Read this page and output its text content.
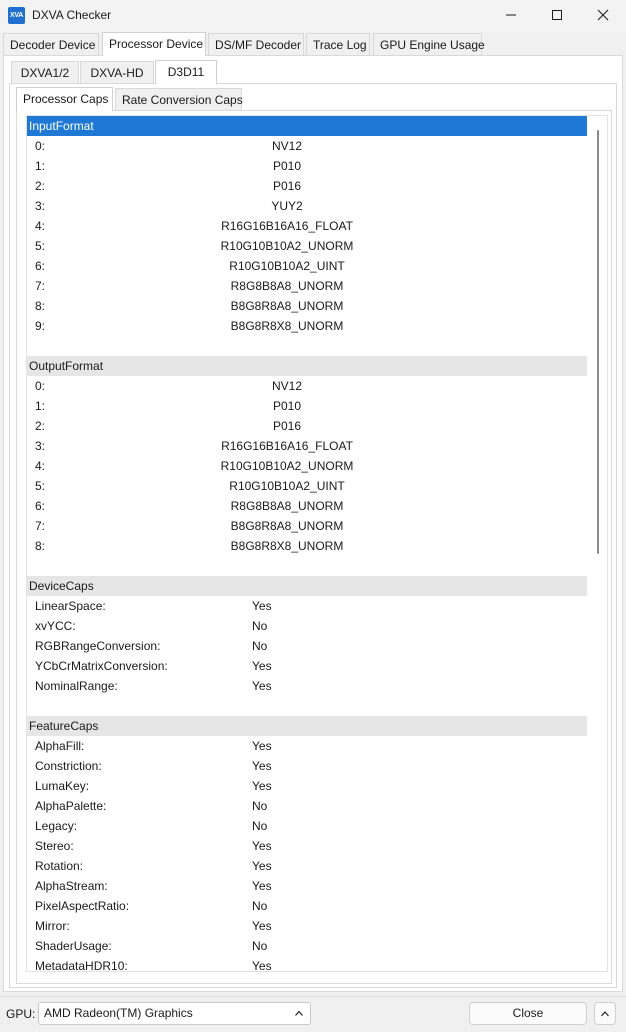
XVA DXVA Checker
Decoder Device	Processor Device DS/MF Decoder Trace Log	GPU Engine Usage
DXVA1/2	DXVA-HD	D3D11
Processor Caps	Rate Conversion Caps
InputFormat
0:	NV12
1:	P010
2:	P016
3:	YUY2
4:	R16G16B16A16_FLOAT
5:	R10G10B10A2_UNORM
6:	R10G10B10A2_UINT
7:	R8G8B8A8_UNORM
8:	B8G8R8A8_UNORM
9:	B8G8R8X8_UNORM
OutputFormat
0:	NV12
1:	P010
2:	P016
3:	R16G16B16A16_FLOAT
4:	R10G10B10A2_UNORM
5:	R10G10B10A2_UINT
6:	R8G8B8A8_UNORM
7:	B8G8R8A8_UNORM
8:	B8G8R8X8_UNORM
DeviceCaps
LinearSpace:	Yes
xvYCC:	No
RGBRangeConversion:	No
YCbCrMatrixConversion:	Yes
NominalRange:	Yes
FeatureCaps
AlphaFill:	Yes
Constriction:	Yes
LumaKey:	Yes
AlphaPalette:	No
Legacy:	No
Stereo:	Yes
Rotation:	Yes
AlphaStream:	Yes
PixelAspectRatio:	No
Mirror:	Yes
ShaderUsage:	No
MetadataHDR10:	Yes
GPU: AMD Radeon(TM) Graphics	Close
